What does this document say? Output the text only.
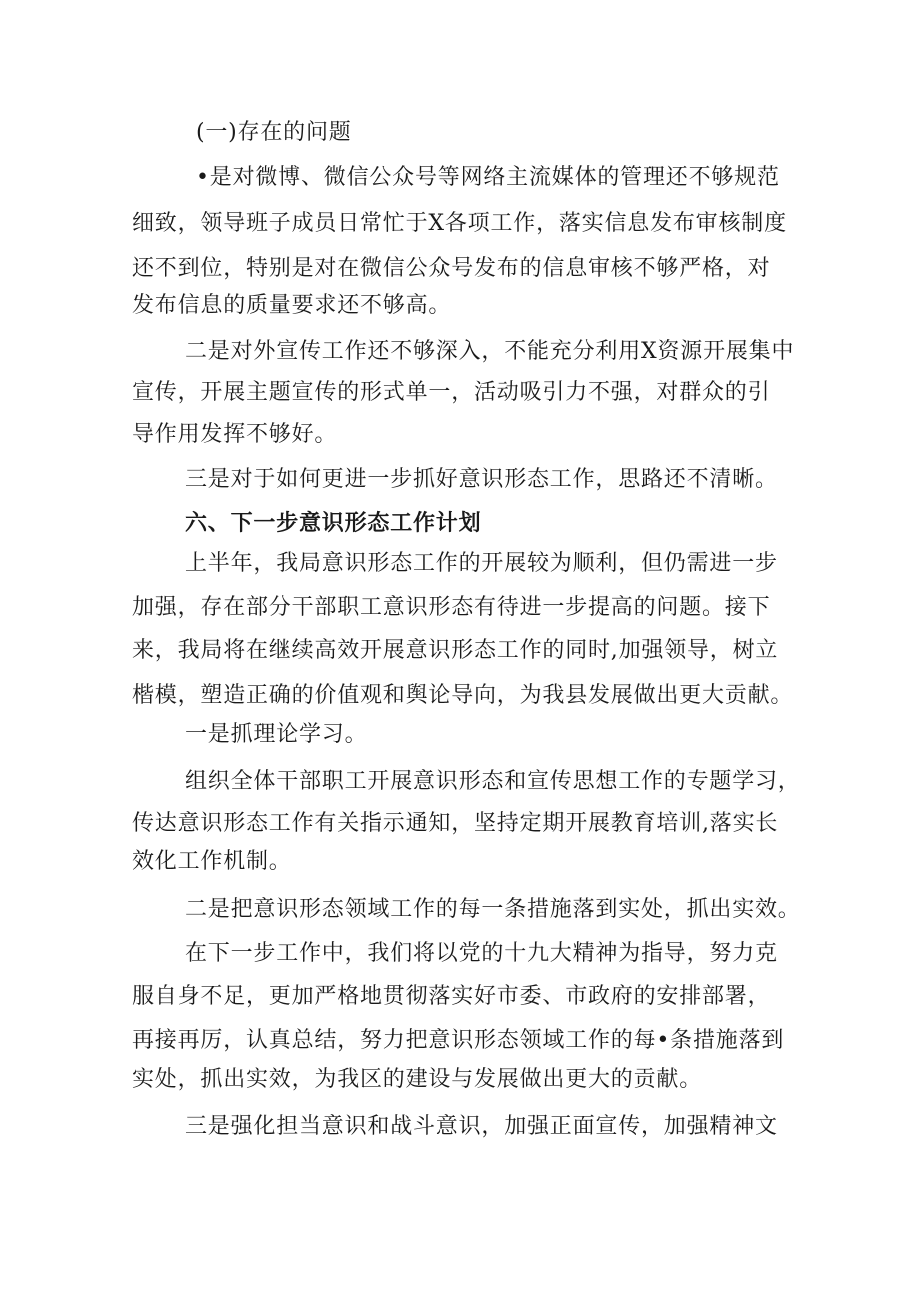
(一)存在的问题
•是对微博、微信公众号等网络主流媒体的管理还不够规范
细致，领导班子成员日常忙于X各项工作，落实信息发布审核制度
还不到位，特别是对在微信公众号发布的信息审核不够严格，对
发布信息的质量要求还不够高。
二是对外宣传工作还不够深入，不能充分利用X资源开展集中
宣传，开展主题宣传的形式单一，活动吸引力不强，对群众的引
导作用发挥不够好。
三是对于如何更进一步抓好意识形态工作，思路还不清晰。
六、下一步意识形态工作计划
上半年，我局意识形态工作的开展较为顺利，但仍需进一步
加强，存在部分干部职工意识形态有待进一步提高的问题。接下
来，我局将在继续高效开展意识形态工作的同时,加强领导，树立
楷模，塑造正确的价值观和舆论导向，为我县发展做出更大贡献。
一是抓理论学习。
组织全体干部职工开展意识形态和宣传思想工作的专题学习，
传达意识形态工作有关指示通知，坚持定期开展教育培训,落实长
效化工作机制。
二是把意识形态领域工作的每一条措施落到实处，抓出实效。
在下一步工作中，我们将以党的十九大精神为指导，努力克
服自身不足，更加严格地贯彻落实好市委、市政府的安排部署，
再接再厉，认真总结，努力把意识形态领域工作的每•条措施落到
实处，抓出实效，为我区的建设与发展做出更大的贡献。
三是强化担当意识和战斗意识，加强正面宣传，加强精神文
